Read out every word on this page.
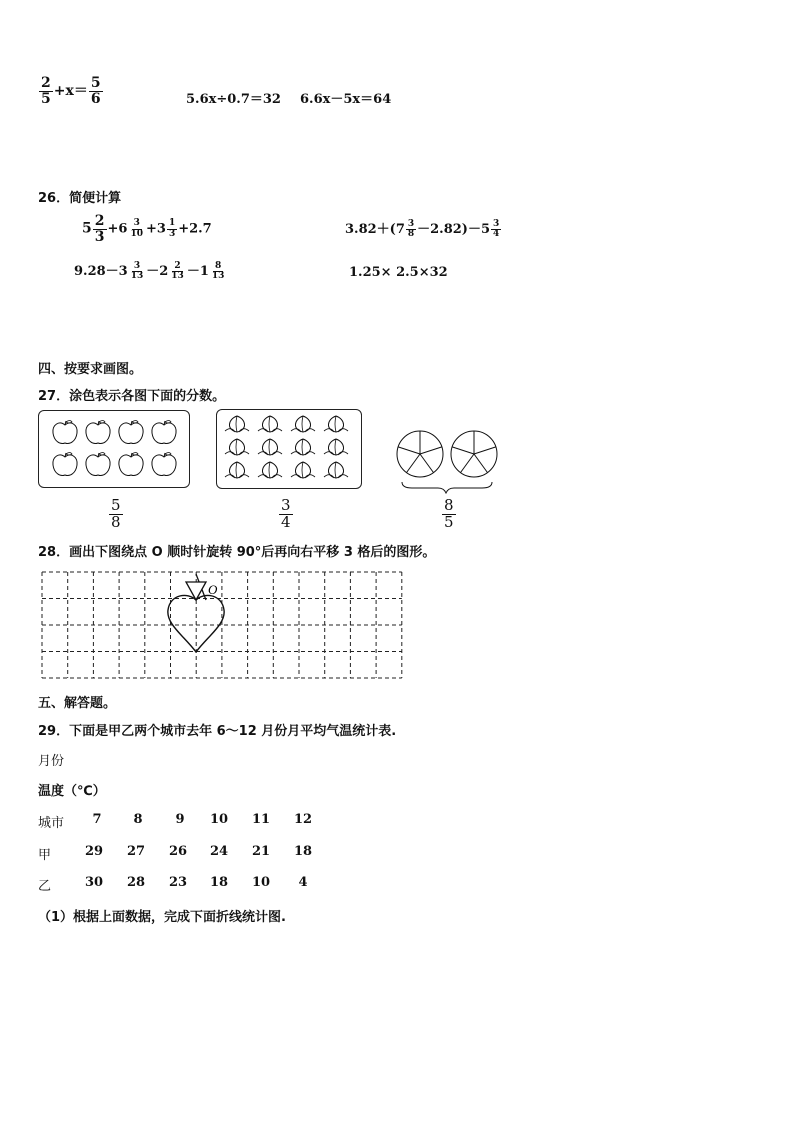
$\frac{2}{5} +x= \frac{5}{6}$	5.6x÷0.7＝32 6.6x－5x＝64
26．简便计算
$5 \frac{2}{3} +6 \frac{3}{10} +3 \frac{1}{3} +2.7$	$3.82+(7 \frac{3}{8} -2.82)-5 \frac{3}{4}$
$9.28-3 \frac{3}{13} -2 \frac{2}{13} -1 \frac{8}{13}$	1.25× 2.5×32
四、按要求画图。
27．涂色表示各图下面的分数。
$\frac{5}{8}$	$\frac{3}{4}$	$\frac{8}{5}$
28．画出下图绕点 O 顺时针旋转 90°后再向右平移 3 格后的图形。
O
五、解答题。
29．下面是甲乙两个城市去年 6～12 月份月平均气温统计表.
月份
温度（℃）
城市	7	8	9	10	11	12
甲	29	27	26	24	21	18
乙	30	28	23	18	10	4
（1）根据上面数据，完成下面折线统计图.
